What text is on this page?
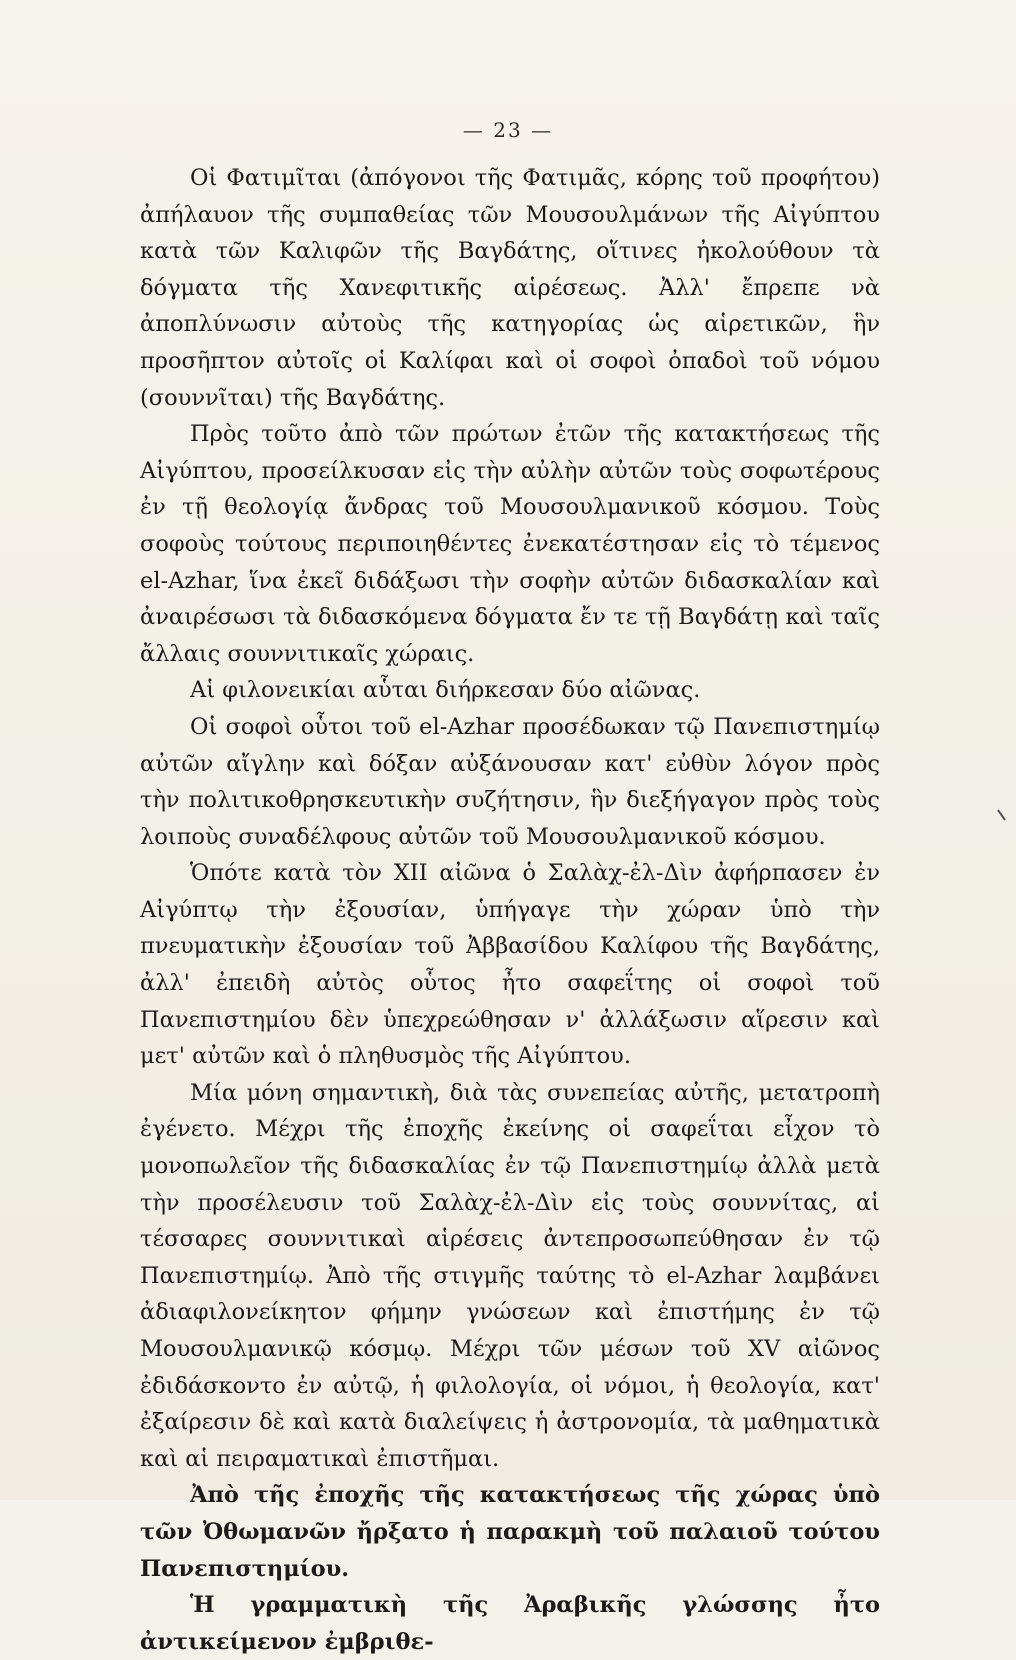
— 23 —

Οἱ Φατιμῖται (ἀπόγονοι τῆς Φατιμᾶς, κόρης τοῦ προφήτου) ἀπήλαυον τῆς συμπαθείας τῶν Μουσουλμάνων τῆς Αἰγύπτου κατὰ τῶν Καλιφῶν τῆς Βαγδάτης, οἵτινες ἠκολούθουν τὰ δόγματα τῆς Χανεφιτικῆς αἱρέσεως. Ἀλλ' ἔπρεπε νὰ ἀποπλύνωσιν αὐτοὺς τῆς κατηγορίας ὡς αἱρετικῶν, ἣν προσῆπτον αὐτοῖς οἱ Καλίφαι καὶ οἱ σοφοὶ ὀπαδοὶ τοῦ νόμου (σουννῖται) τῆς Βαγδάτης.

Πρὸς τοῦτο ἀπὸ τῶν πρώτων ἐτῶν τῆς κατακτήσεως τῆς Αἰγύπτου, προσείλκυσαν εἰς τὴν αὐλὴν αὐτῶν τοὺς σοφωτέρους ἐν τῇ θεολογίᾳ ἄνδρας τοῦ Μουσουλμανικοῦ κόσμου. Τοὺς σοφοὺς τούτους περιποιηθέντες ἐνεκατέστησαν εἰς τὸ τέμενος el-Azhar, ἵνα ἐκεῖ διδάξωσι τὴν σοφὴν αὐτῶν διδασκαλίαν καὶ ἀναιρέσωσι τὰ διδασκόμενα δόγματα ἔν τε τῇ Βαγδάτῃ καὶ ταῖς ἄλλαις σουννιτικαῖς χώραις.

Αἱ φιλονεικίαι αὗται διήρκεσαν δύο αἰῶνας.

Οἱ σοφοὶ οὗτοι τοῦ el-Azhar προσέδωκαν τῷ Πανεπιστημίῳ αὐτῶν αἴγλην καὶ δόξαν αὐξάνουσαν κατ' εὐθὺν λόγον πρὸς τὴν πολιτικοθρησκευτικὴν συζήτησιν, ἣν διεξήγαγον πρὸς τοὺς λοιποὺς συναδέλφους αὐτῶν τοῦ Μουσουλμανικοῦ κόσμου.

Ὁπότε κατὰ τὸν XII αἰῶνα ὁ Σαλὰχ-ἐλ-Δὶν ἀφήρπασεν ἐν Αἰγύπτῳ τὴν ἐξουσίαν, ὑπήγαγε τὴν χώραν ὑπὸ τὴν πνευματικὴν ἐξουσίαν τοῦ Ἀββασίδου Καλίφου τῆς Βαγδάτης, ἀλλ' ἐπειδὴ αὐτὸς οὗτος ἦτο σαφεΐτης οἱ σοφοὶ τοῦ Πανεπιστημίου δὲν ὑπεχρεώθησαν ν' ἀλλάξωσιν αἵρεσιν καὶ μετ' αὐτῶν καὶ ὁ πληθυσμὸς τῆς Αἰγύπτου.

Μία μόνη σημαντικὴ, διὰ τὰς συνεπείας αὐτῆς, μετατροπὴ ἐγένετο. Μέχρι τῆς ἐποχῆς ἐκείνης οἱ σαφεΐται εἶχον τὸ μονοπωλεῖον τῆς διδασκαλίας ἐν τῷ Πανεπιστημίῳ ἀλλὰ μετὰ τὴν προσέλευσιν τοῦ Σαλὰχ-ἐλ-Δὶν εἰς τοὺς σουννίτας, αἱ τέσσαρες σουννιτικαὶ αἱρέσεις ἀντεπροσωπεύθησαν ἐν τῷ Πανεπιστημίῳ. Ἀπὸ τῆς στιγμῆς ταύτης τὸ el-Azhar λαμβάνει ἀδιαφιλονείκητον φήμην γνώσεων καὶ ἐπιστήμης ἐν τῷ Μουσουλμανικῷ κόσμῳ. Μέχρι τῶν μέσων τοῦ XV αἰῶνος ἐδιδάσκοντο ἐν αὐτῷ, ἡ φιλολογία, οἱ νόμοι, ἡ θεολογία, κατ' ἐξαίρεσιν δὲ καὶ κατὰ διαλείψεις ἡ ἀστρονομία, τὰ μαθηματικὰ καὶ αἱ πειραματικαὶ ἐπιστῆμαι.

Ἀπὸ τῆς ἐποχῆς τῆς κατακτήσεως τῆς χώρας ὑπὸ τῶν Ὀθωμανῶν ἤρξατο ἡ παρακμὴ τοῦ παλαιοῦ τούτου Πανεπιστημίου.

Ἡ γραμματικὴ τῆς Ἀραβικῆς γλώσσης ἦτο ἀντικείμενον ἐμβριθε-
